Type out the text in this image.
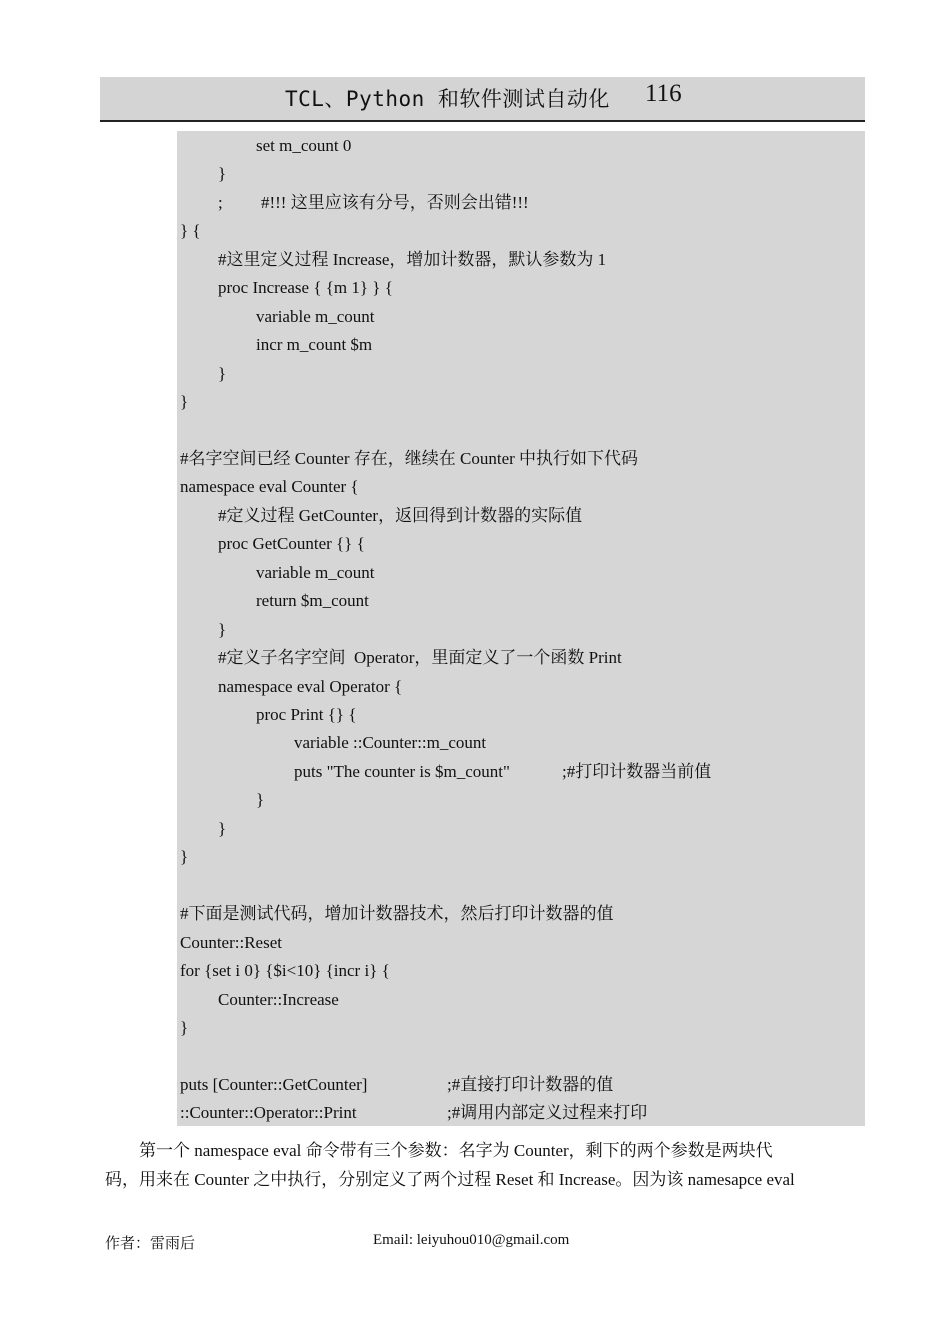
TCL、Python 和软件测试自动化 116
set m_count 0
}
;         #!!! 这里应该有分号，否则会出错!!!
} {
#这里定义过程 Increase，增加计数器，默认参数为 1
proc Increase { {m 1} } {
variable m_count
incr m_count $m
}
}
#名字空间已经 Counter 存在，继续在 Counter 中执行如下代码
namespace eval Counter {
#定义过程 GetCounter，返回得到计数器的实际值
proc GetCounter {} {
variable m_count
return $m_count
}
#定义子名字空间  Operator，里面定义了一个函数 Print
namespace eval Operator {
proc Print {} {
variable ::Counter::m_count
puts "The counter is $m_count"	;#打印计数器当前值
}
}
}
#下面是测试代码，增加计数器技术，然后打印计数器的值
Counter::Reset
for {set i 0} {$i<10} {incr i} {
Counter::Increase
}
puts [Counter::GetCounter]	;#直接打印计数器的值
::Counter::Operator::Print	;#调用内部定义过程来打印
　　第一个 namespace eval 命令带有三个参数：名字为 Counter，剩下的两个参数是两块代
码，用来在 Counter 之中执行，分别定义了两个过程 Reset 和 Increase。因为该 namesapce eval
作者：雷雨后	Email: leiyuhou010@gmail.com
